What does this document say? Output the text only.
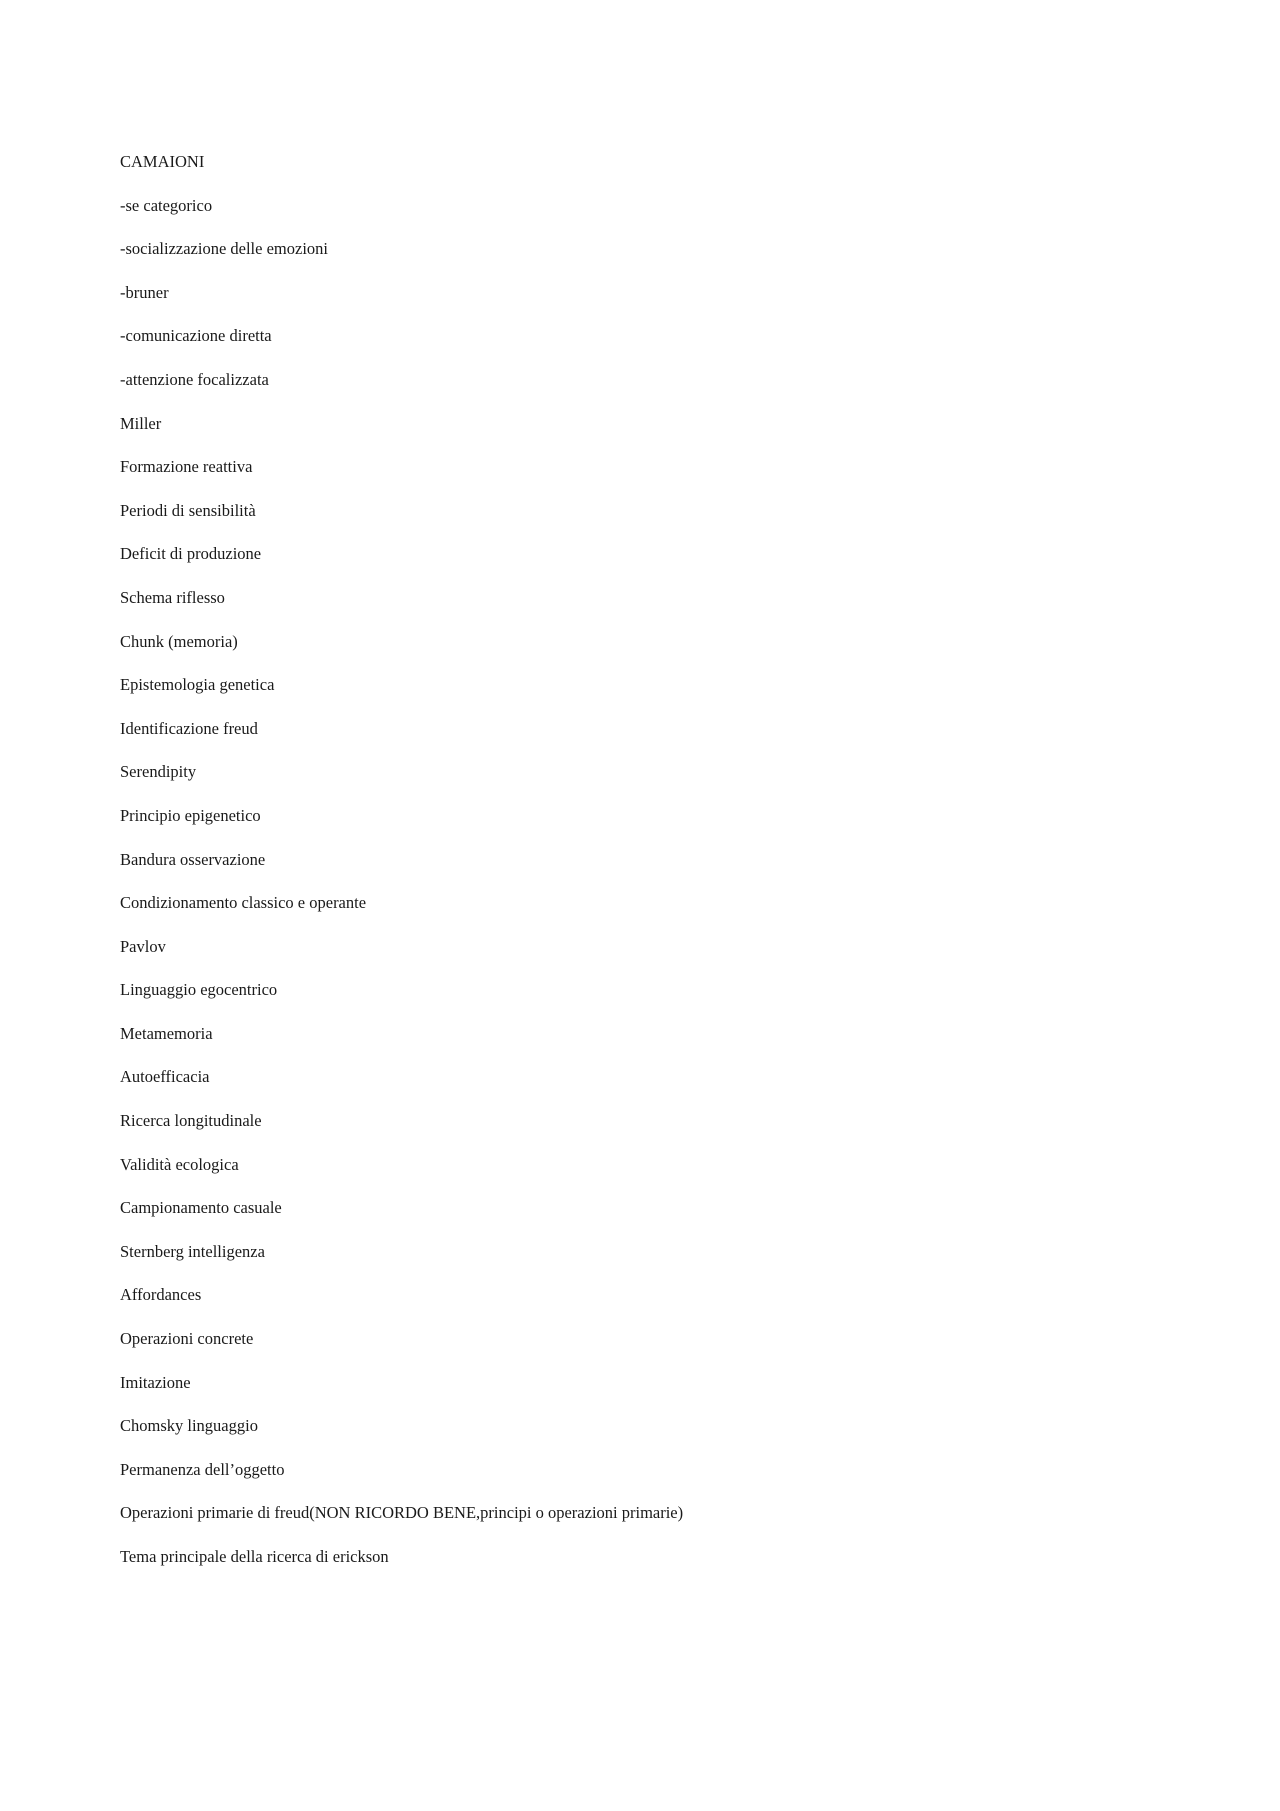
CAMAIONI
-se categorico
-socializzazione delle emozioni
-bruner
-comunicazione diretta
-attenzione focalizzata
Miller
Formazione reattiva
Periodi di sensibilità
Deficit di produzione
Schema riflesso
Chunk (memoria)
Epistemologia genetica
Identificazione freud
Serendipity
Principio epigenetico
Bandura osservazione
Condizionamento classico e operante
Pavlov
Linguaggio egocentrico
Metamemoria
Autoefficacia
Ricerca longitudinale
Validità ecologica
Campionamento casuale
Sternberg intelligenza
Affordances
Operazioni concrete
Imitazione
Chomsky linguaggio
Permanenza dell’oggetto
Operazioni primarie di freud(NON RICORDO BENE,principi o operazioni primarie)
Tema principale della ricerca di erickson
